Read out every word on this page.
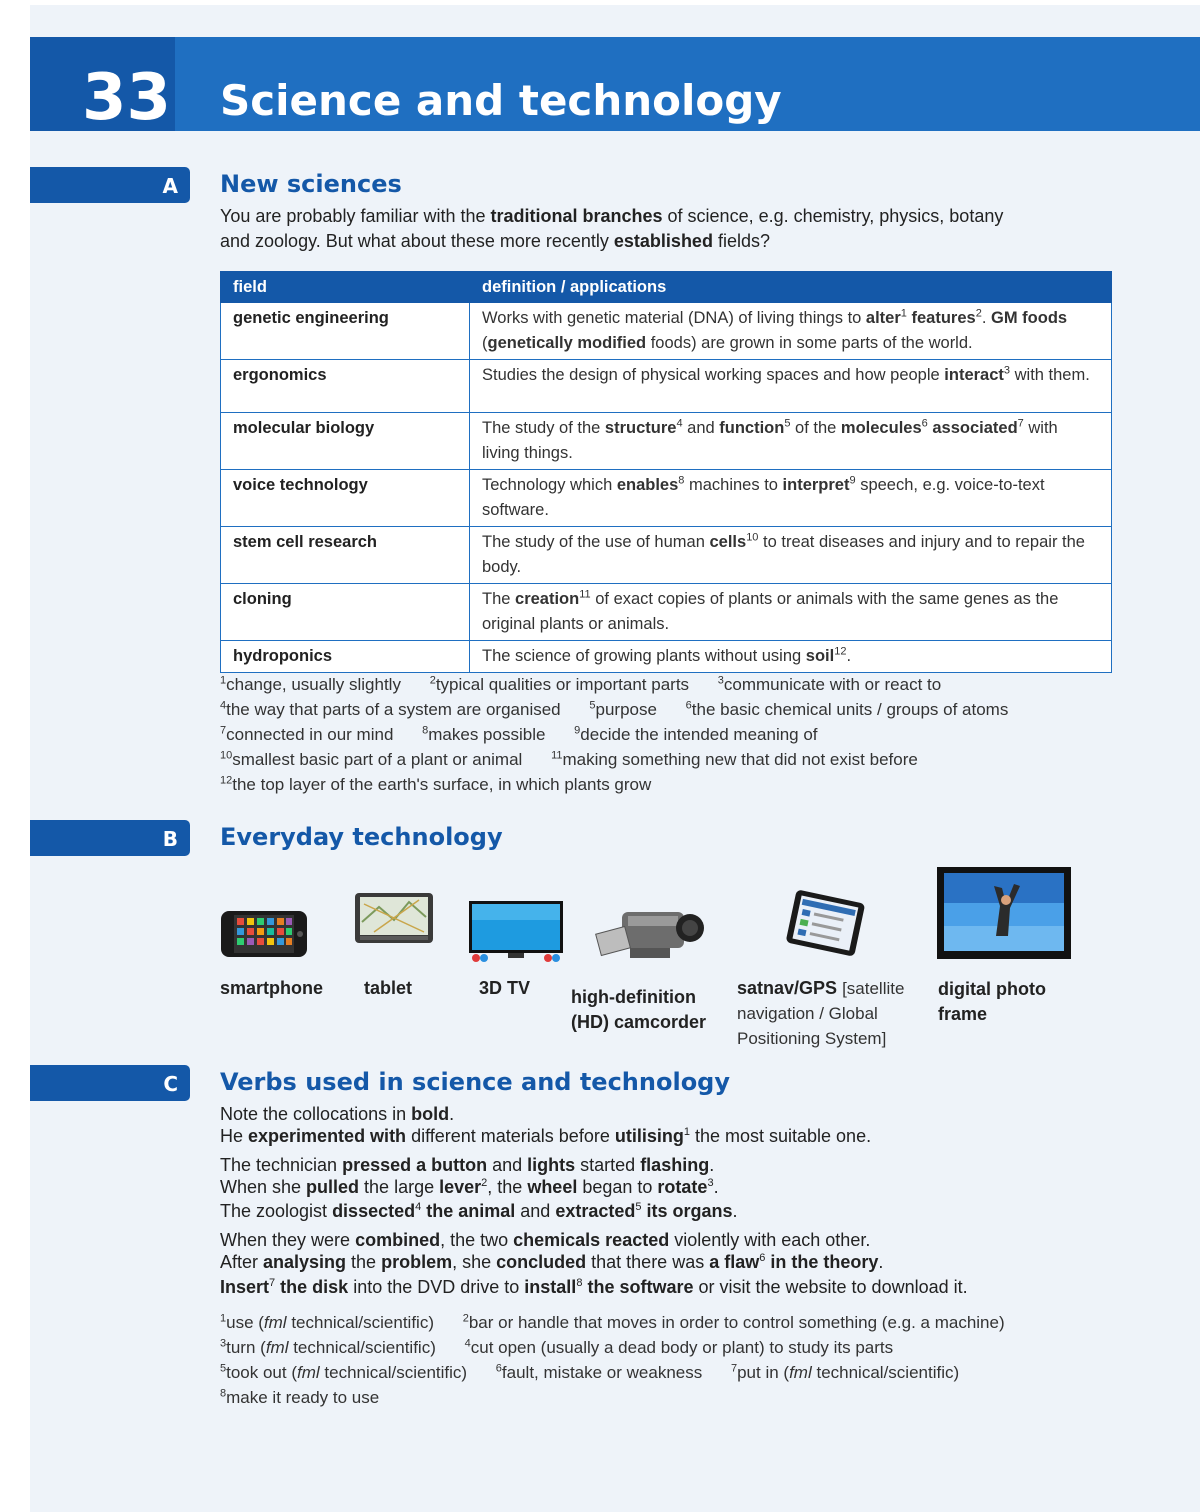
33 Science and technology
A New sciences
You are probably familiar with the traditional branches of science, e.g. chemistry, physics, botany
and zoology. But what about these more recently established fields?
field	definition / applications
genetic engineering	Works with genetic material (DNA) of living things to alter$^1$ features$^2$. GM foods (genetically modified foods) are grown in some parts of the world.
ergonomics	Studies the design of physical working spaces and how people interact$^3$ with them.
molecular biology	The study of the structure$^4$ and function$^5$ of the molecules$^6$ associated$^7$ with living things.
voice technology	Technology which enables$^8$ machines to interpret$^9$ speech, e.g. voice-to-text software.
stem cell research	The study of the use of human cells$^{10}$ to treat diseases and injury and to repair the body.
cloning	The creation$^{11}$ of exact copies of plants or animals with the same genes as the original plants or animals.
hydroponics	The science of growing plants without using soil$^{12}$.
$^1$change, usually slightly	$^2$typical qualities or important parts	$^3$communicate with or react to $^4$the way that parts of a system are organised	$^5$purpose	$^6$the basic chemical units / groups of atoms $^7$connected in our mind	$^8$makes possible	$^9$decide the intended meaning of $^{10}$smallest basic part of a plant or animal	$^{11}$making something new that did not exist before $^{12}$the top layer of the earth's surface, in which plants grow
B Everyday technology
smartphone tablet	3D TV high-definition (HD) camcorder
satnav/GPS [satellite navigation / Global Positioning System]
digital photo frame
C Verbs used in science and technology
Note the collocations in bold.
He experimented with different materials before utilising$^1$ the most suitable one.
The technician pressed a button and lights started flashing.
When she pulled the large lever$^2$, the wheel began to rotate$^3$.
The zoologist dissected$^4$ the animal and extracted$^5$ its organs.
When they were combined, the two chemicals reacted violently with each other.
After analysing the problem, she concluded that there was a flaw$^6$ in the theory.
Insert$^7$ the disk into the DVD drive to install$^8$ the software or visit the website to download it.
$^1$use (fml technical/scientific)	$^2$bar or handle that moves in order to control something (e.g. a machine) $^3$turn (fml technical/scientific)	$^4$cut open (usually a dead body or plant) to study its parts $^5$took out (fml technical/scientific)	$^6$fault, mistake or weakness	$^7$put in (fml technical/scientific) $^8$make it ready to use
